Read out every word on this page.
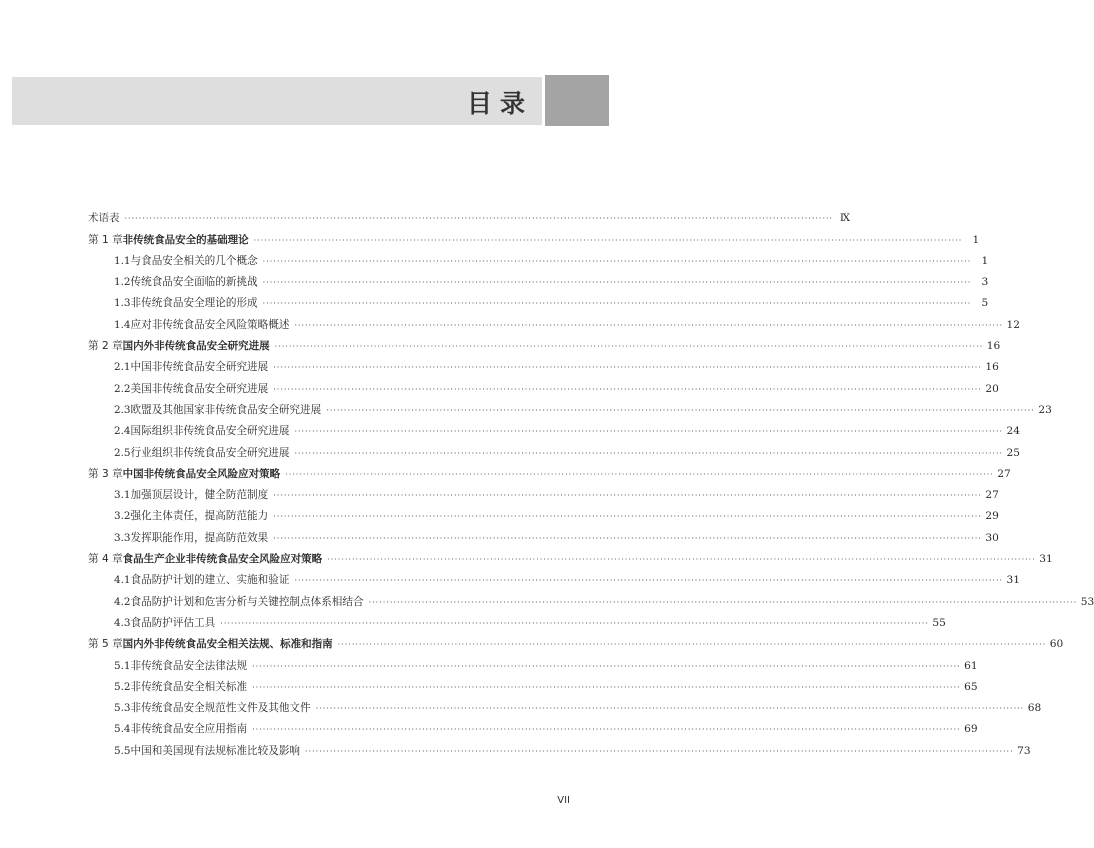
目录
术语表 ········································································································································································································ Ⅸ
第 1 章 非传统食品安全的基础理论 ········································································································································································································ 1
1.1 与食品安全相关的几个概念 ········································································································································································································ 1
1.2 传统食品安全面临的新挑战 ········································································································································································································ 3
1.3 非传统食品安全理论的形成 ········································································································································································································ 5
1.4 应对非传统食品安全风险策略概述 ········································································································································································································ 12
第 2 章 国内外非传统食品安全研究进展 ········································································································································································································ 16
2.1 中国非传统食品安全研究进展 ········································································································································································································ 16
2.2 美国非传统食品安全研究进展 ········································································································································································································ 20
2.3 欧盟及其他国家非传统食品安全研究进展 ········································································································································································································ 23
2.4 国际组织非传统食品安全研究进展 ········································································································································································································ 24
2.5 行业组织非传统食品安全研究进展 ········································································································································································································ 25
第 3 章 中国非传统食品安全风险应对策略 ········································································································································································································ 27
3.1 加强顶层设计，健全防范制度 ········································································································································································································ 27
3.2 强化主体责任，提高防范能力 ········································································································································································································ 29
3.3 发挥职能作用，提高防范效果 ········································································································································································································ 30
第 4 章 食品生产企业非传统食品安全风险应对策略 ········································································································································································································ 31
4.1 食品防护计划的建立、实施和验证 ········································································································································································································ 31
4.2 食品防护计划和危害分析与关键控制点体系相结合 ········································································································································································································ 53
4.3 食品防护评估工具 ········································································································································································································ 55
第 5 章 国内外非传统食品安全相关法规、标准和指南 ········································································································································································································ 60
5.1 非传统食品安全法律法规 ········································································································································································································ 61
5.2 非传统食品安全相关标准 ········································································································································································································ 65
5.3 非传统食品安全规范性文件及其他文件 ········································································································································································································ 68
5.4 非传统食品安全应用指南 ········································································································································································································ 69
5.5 中国和美国现有法规标准比较及影响 ········································································································································································································ 73
VII
